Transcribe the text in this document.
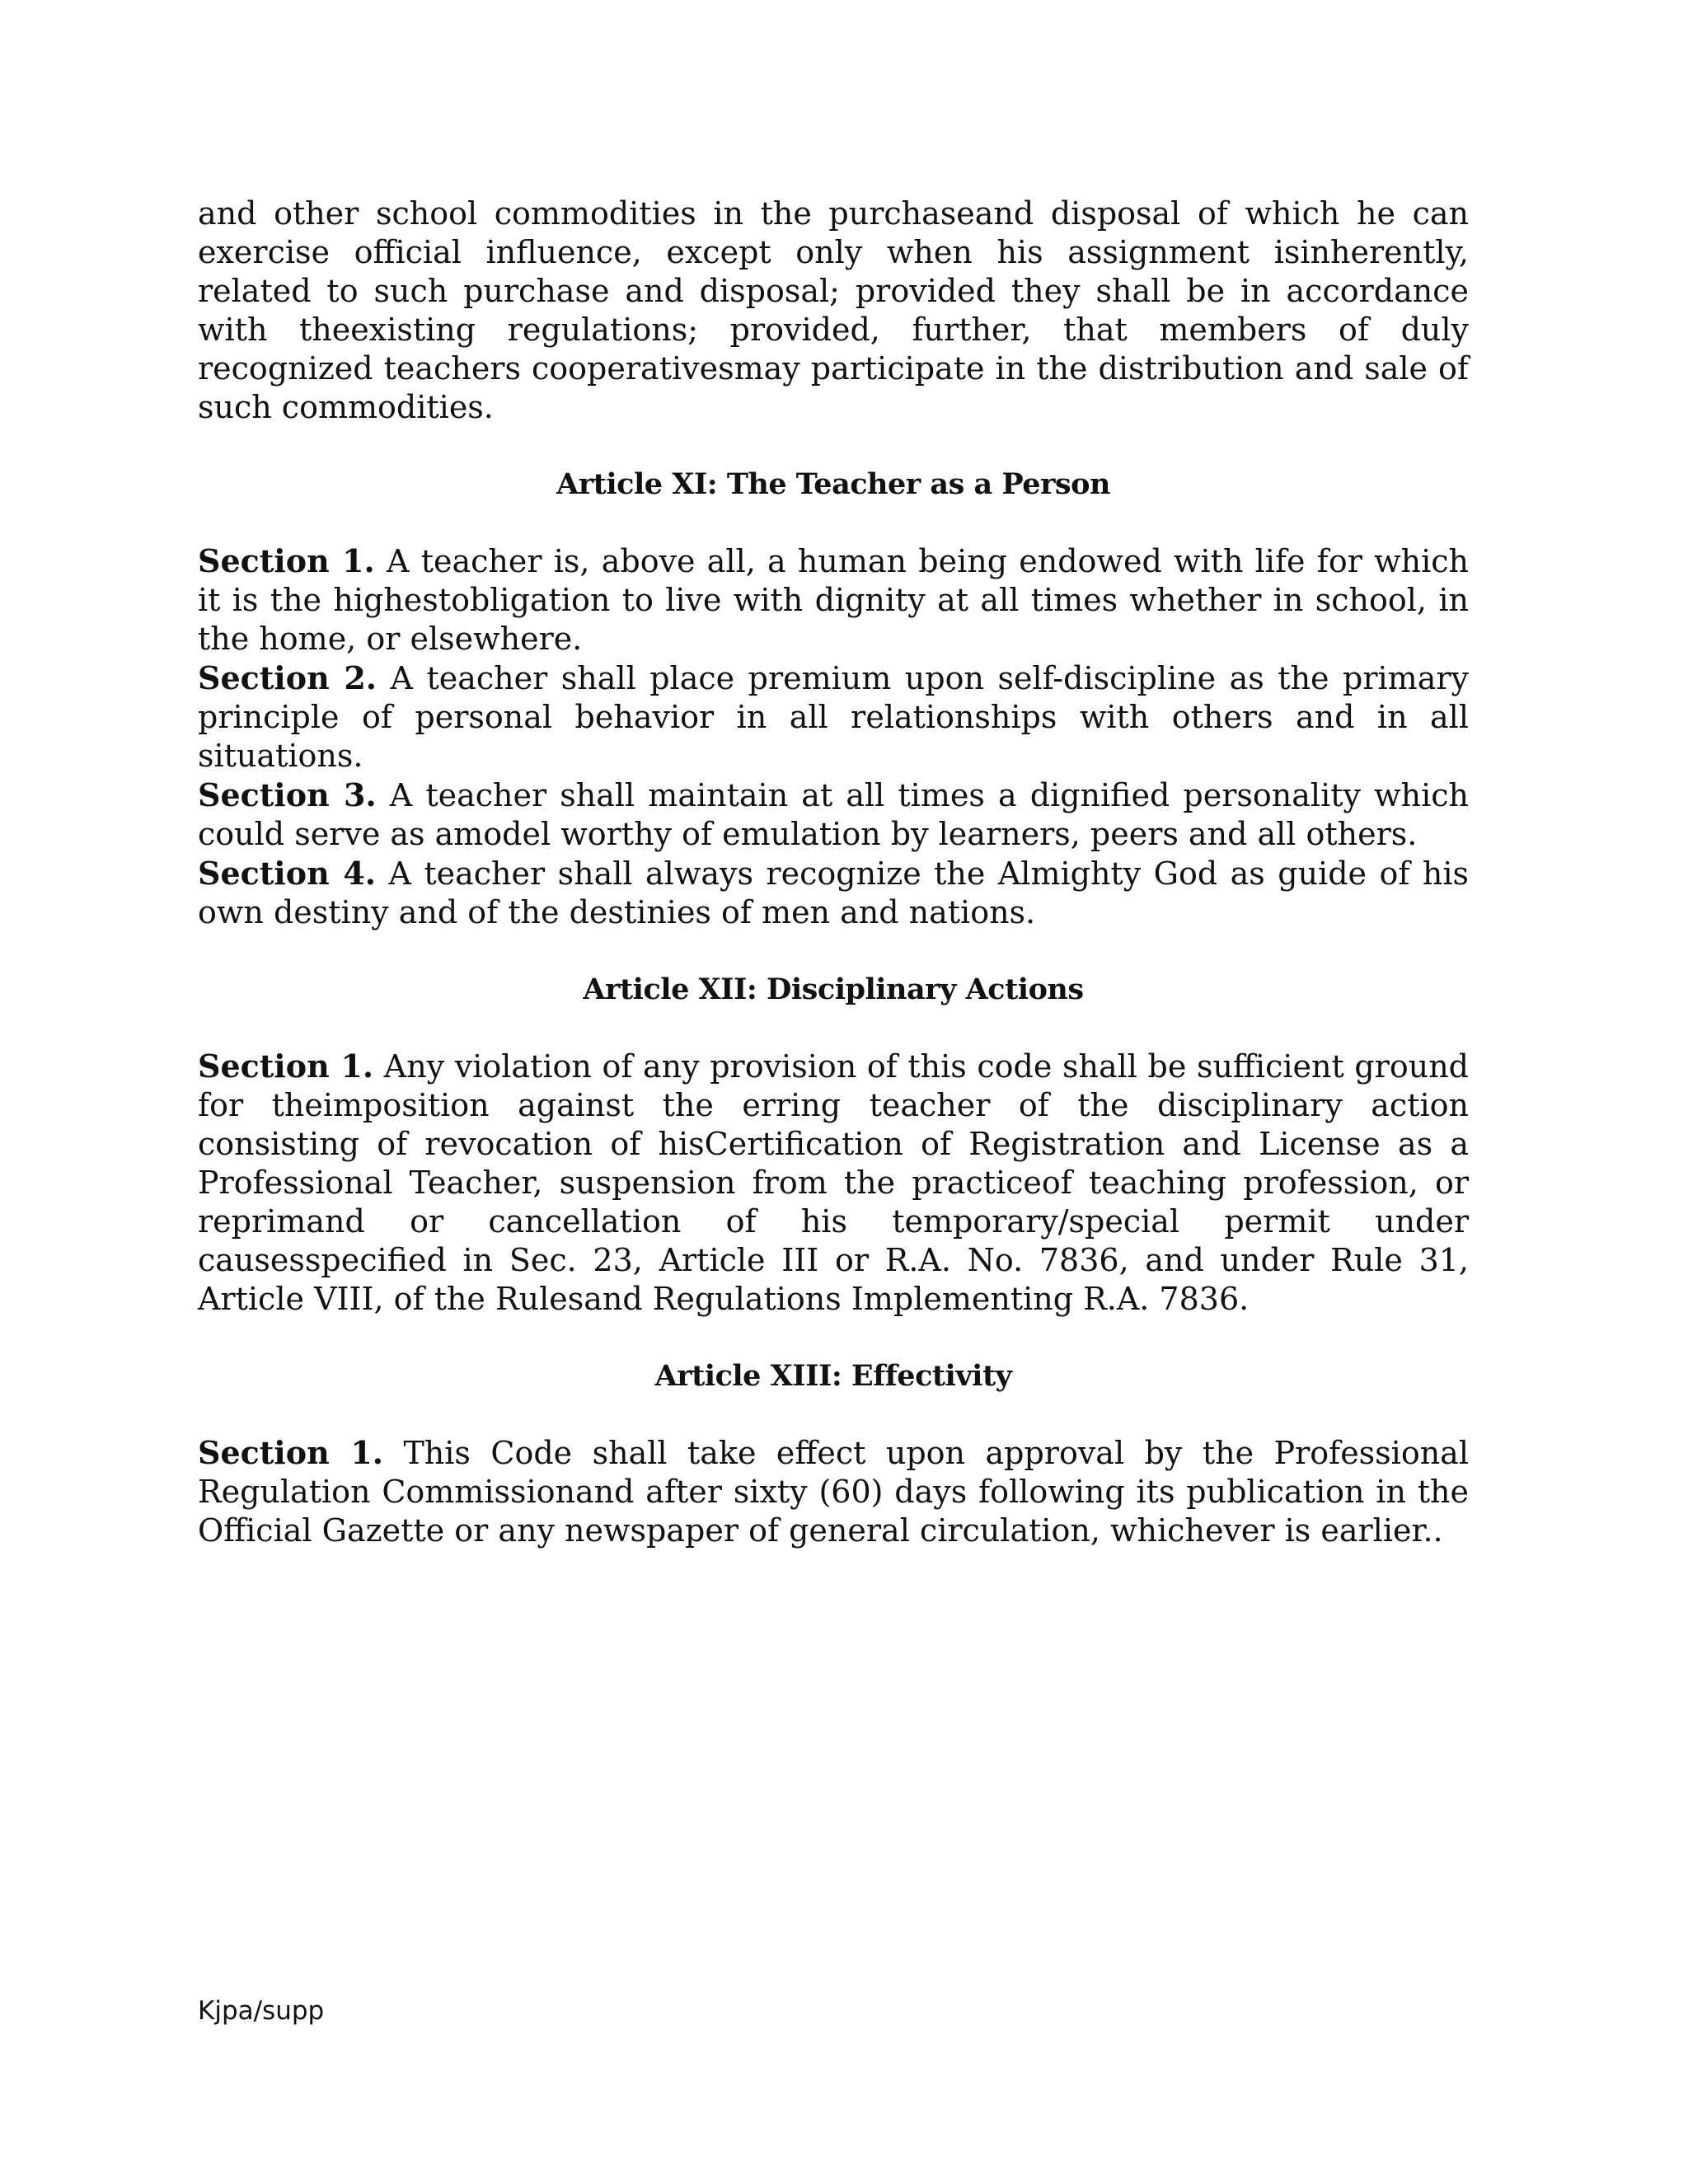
and other school commodities in the purchaseand disposal of which he can exercise official influence, except only when his assignment isinherently, related to such purchase and disposal; provided they shall be in accordance with theexisting regulations; provided, further, that members of duly recognized teachers cooperativesmay participate in the distribution and sale of such commodities.

Article XI: The Teacher as a Person

Section 1. A teacher is, above all, a human being endowed with life for which it is the highestobligation to live with dignity at all times whether in school, in the home, or elsewhere.

Section 2. A teacher shall place premium upon self-discipline as the primary principle of personal behavior in all relationships with others and in all situations.

Section 3. A teacher shall maintain at all times a dignified personality which could serve as amodel worthy of emulation by learners, peers and all others.

Section 4. A teacher shall always recognize the Almighty God as guide of his own destiny and of the destinies of men and nations.

Article XII: Disciplinary Actions

Section 1. Any violation of any provision of this code shall be sufficient ground for theimposition against the erring teacher of the disciplinary action consisting of revocation of hisCertification of Registration and License as a Professional Teacher, suspension from the practiceof teaching profession, or reprimand or cancellation of his temporary/special permit under causesspecified in Sec. 23, Article III or R.A. No. 7836, and under Rule 31, Article VIII, of the Rulesand Regulations Implementing R.A. 7836.

Article XIII: Effectivity

Section 1. This Code shall take effect upon approval by the Professional Regulation Commissionand after sixty (60) days following its publication in the Official Gazette or any newspaper of general circulation, whichever is earlier..

Kjpa/supp
